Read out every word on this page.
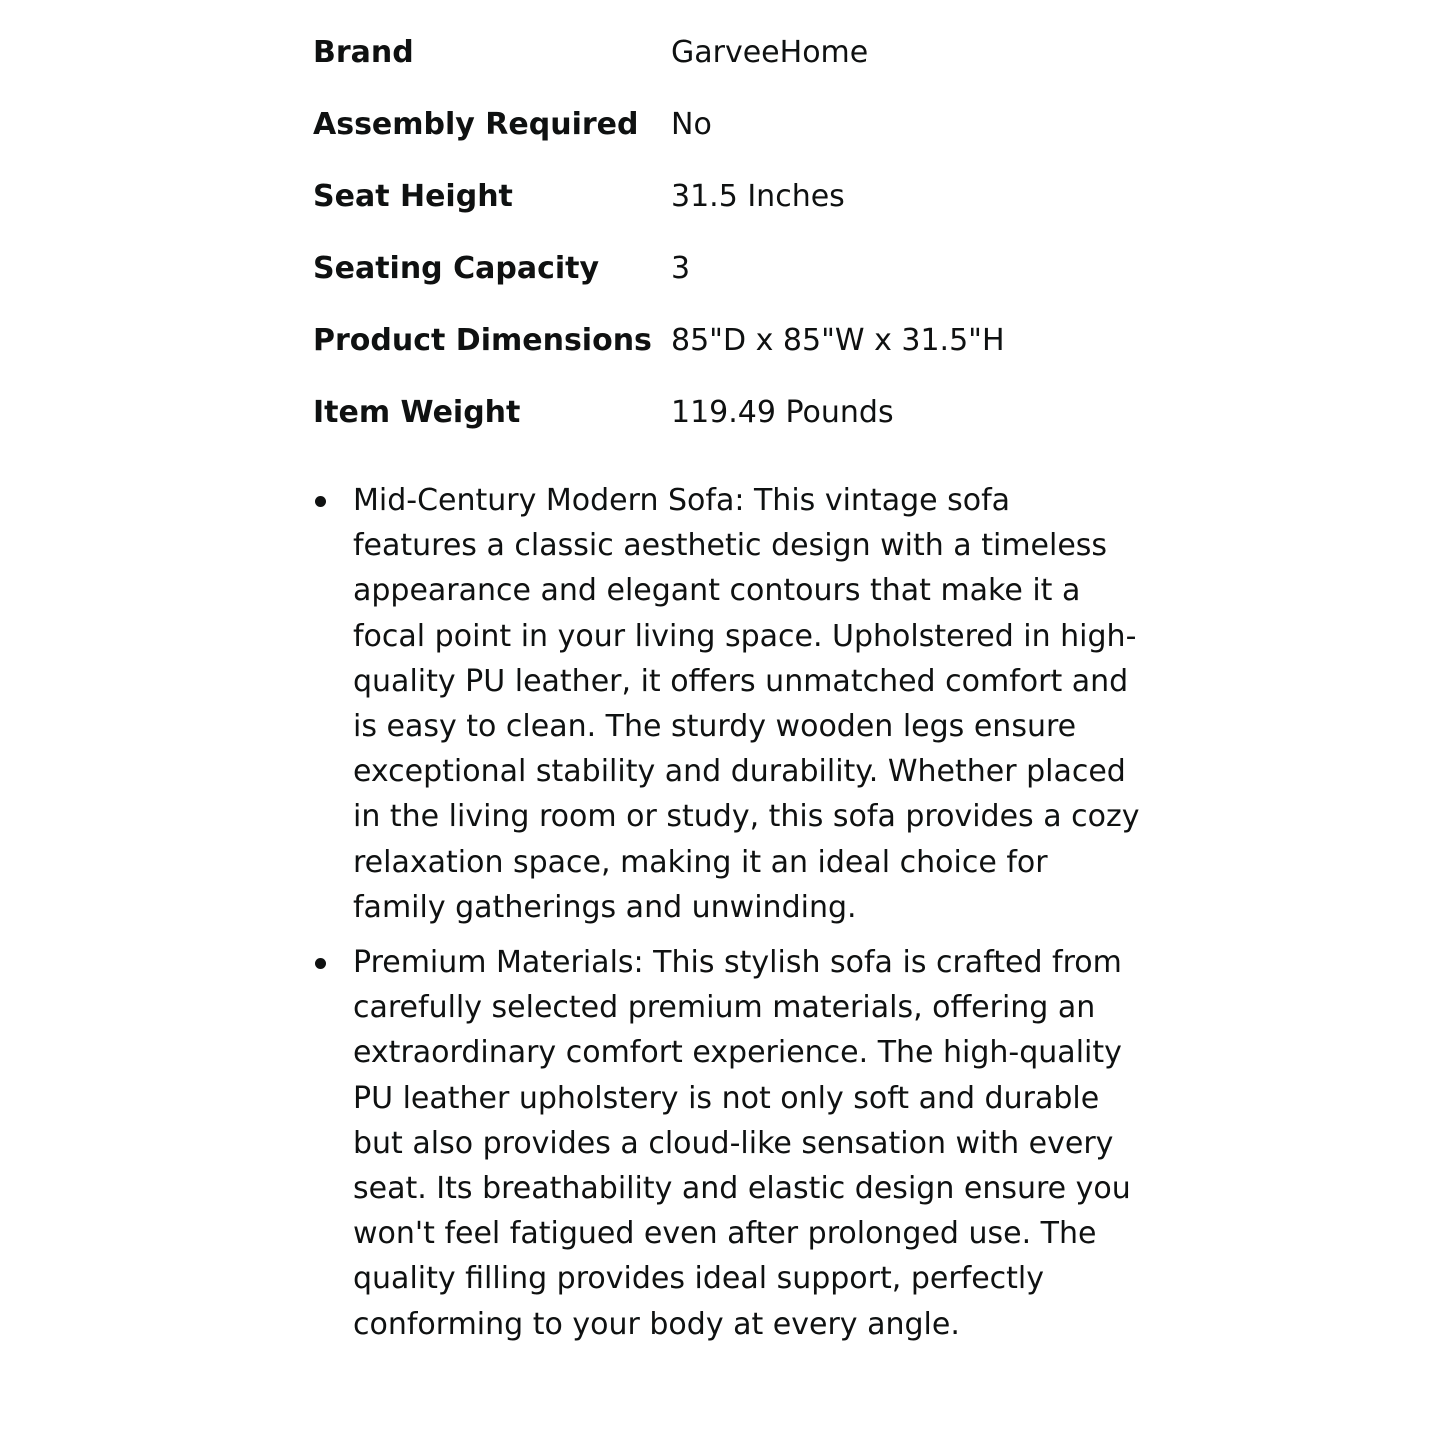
Brand	GarveeHome
Assembly Required	No
Seat Height	31.5 Inches
Seating Capacity	3
Product Dimensions	85"D x 85"W x 31.5"H
Item Weight	119.49 Pounds
Mid-Century Modern Sofa: This vintage sofa features a classic aesthetic design with a timeless appearance and elegant contours that make it a focal point in your living space. Upholstered in high-quality PU leather, it offers unmatched comfort and is easy to clean. The sturdy wooden legs ensure exceptional stability and durability. Whether placed in the living room or study, this sofa provides a cozy relaxation space, making it an ideal choice for family gatherings and unwinding.
Premium Materials: This stylish sofa is crafted from carefully selected premium materials, offering an extraordinary comfort experience. The high-quality PU leather upholstery is not only soft and durable but also provides a cloud-like sensation with every seat. Its breathability and elastic design ensure you won't feel fatigued even after prolonged use. The quality filling provides ideal support, perfectly conforming to your body at every angle.
